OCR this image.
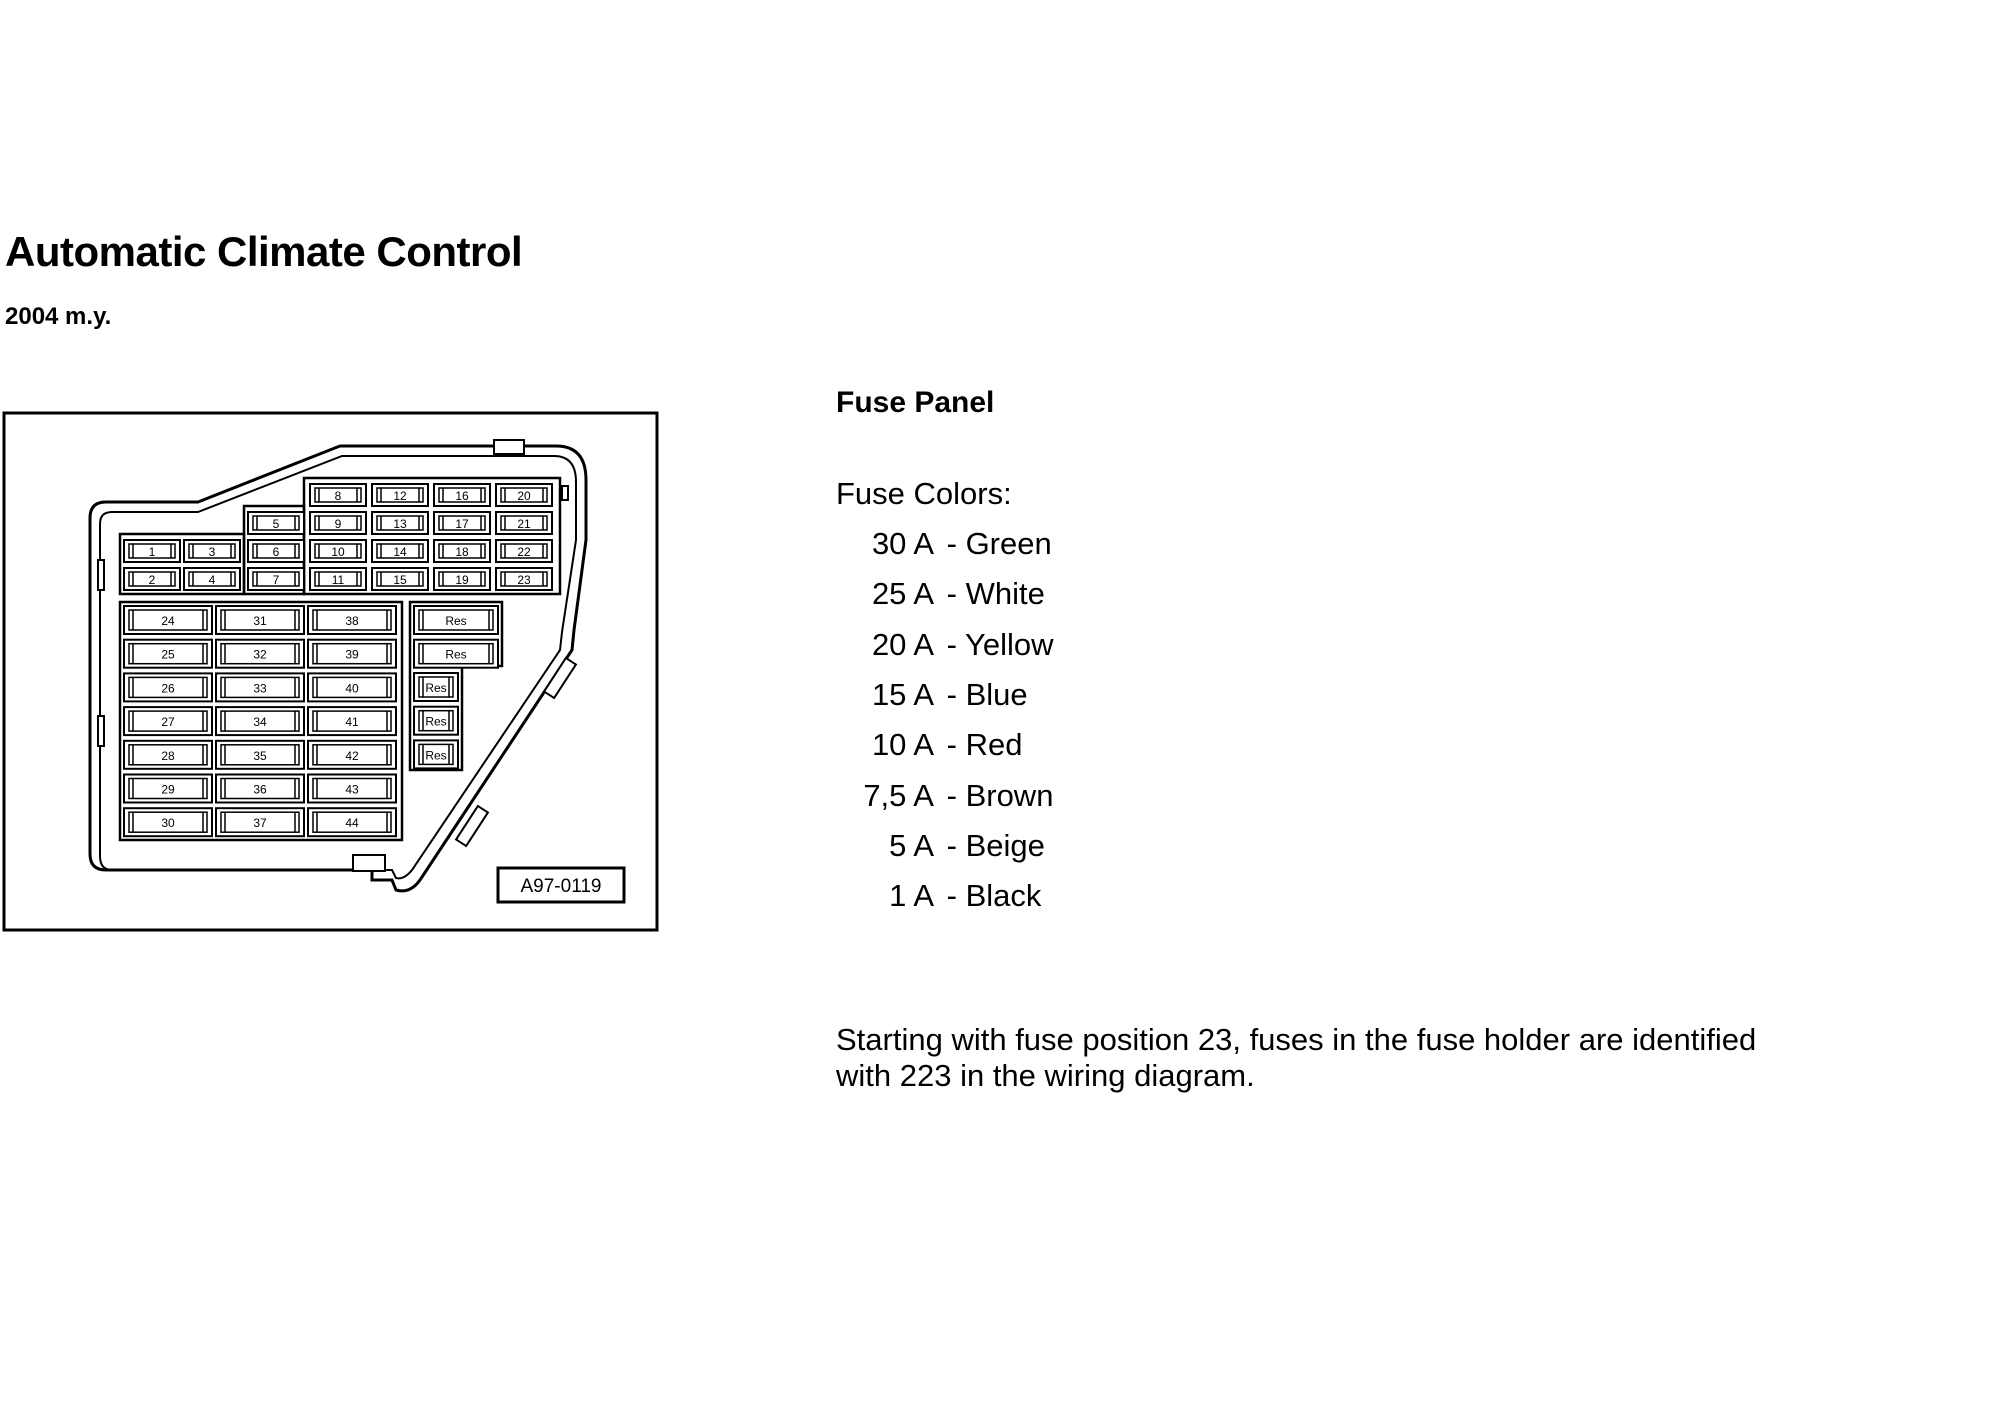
Automatic Climate Control
2004 m.y.
8	12	16	20
5	9	13	17	21
1	3	6	10	14	18	22
2	4	7	11	15	19	23
24
25
26
27
28
29
30
31
32
33
34
35
36
37
38
39
40
41
42
43
44
Res
Res
Res
Res
Res
A97-0119
Fuse Panel
Fuse Colors:
30 A - Green
25 A - White
20 A - Yellow
15 A - Blue
10 A - Red
7,5 A - Brown
5 A - Beige
1 A - Black
Starting with fuse position 23, fuses in the fuse holder are identified
with 223 in the wiring diagram.
